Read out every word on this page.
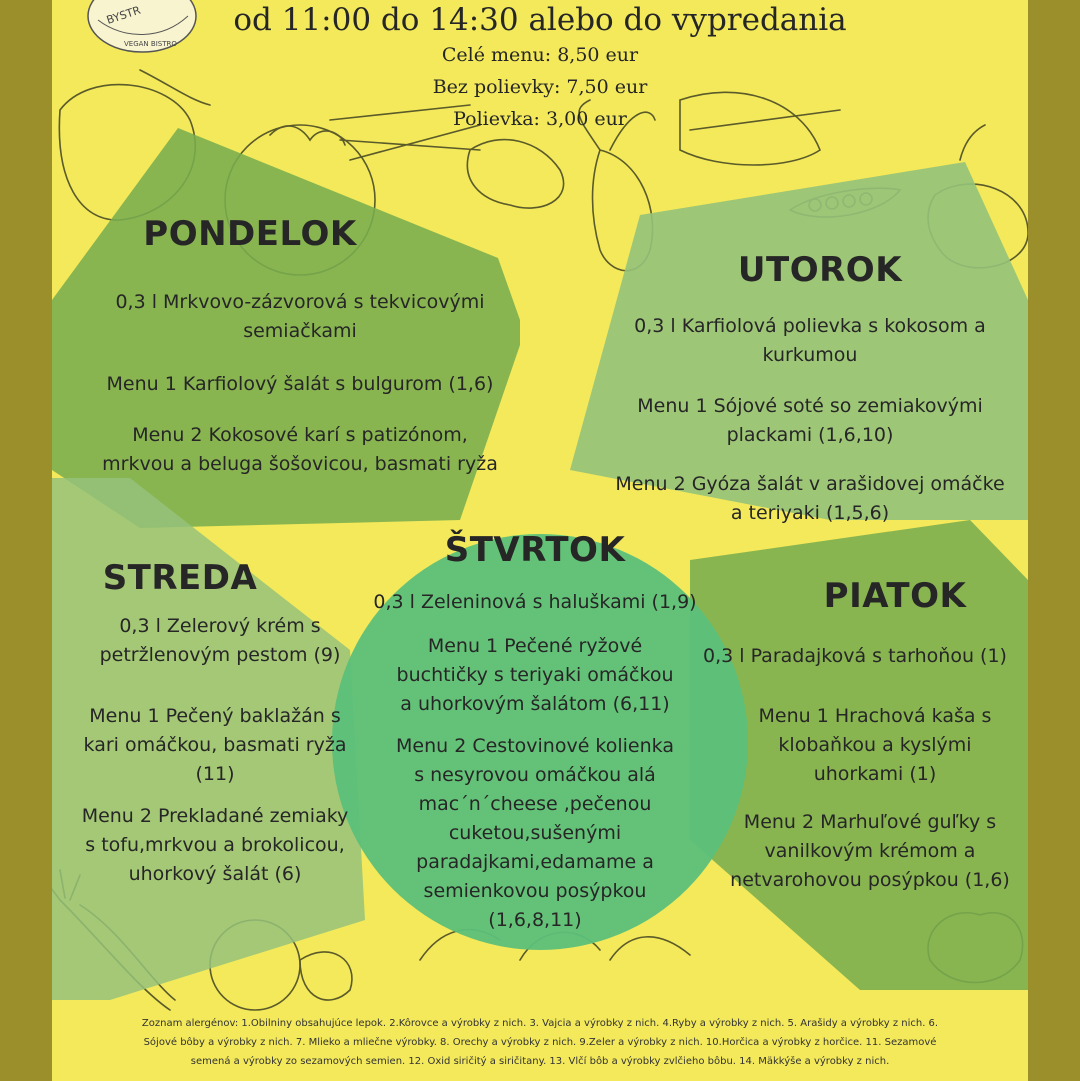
BYSTR
VEGAN BISTRO
od 11:00 do 14:30 alebo do vypredania
Celé menu: 8,50 eur
Bez polievky: 7,50 eur
Polievka: 3,00 eur
PONDELOK
0,3 l Mrkvovo-zázvorová s tekvicovými
semiačkami
Menu 1 Karfiolový šalát s bulgurom (1,6)
Menu 2 Kokosové karí s patizónom,
mrkvou a beluga šošovicou, basmati ryža
UTOROK
0,3 l Karfiolová polievka s kokosom a
kurkumou
Menu 1 Sójové soté so zemiakovými
plackami (1,6,10)
Menu 2 Gyóza šalát v arašidovej omáčke
a teriyaki (1,5,6)
STREDA
0,3 l Zelerový krém s
petržlenovým pestom (9)
Menu 1 Pečený baklažán s
kari omáčkou, basmati ryža
(11)
Menu 2 Prekladané zemiaky
s tofu,mrkvou a brokolicou,
uhorkový šalát (6)
ŠTVRTOK
0,3 l Zeleninová s haluškami (1,9)
Menu 1 Pečené ryžové
buchtičky s teriyaki omáčkou
a uhorkovým šalátom (6,11)
Menu 2 Cestovinové kolienka
s nesyrovou omáčkou alá
mac´n´cheese ,pečenou
cuketou,sušenými
paradajkami,edamame a
semienkovou posýpkou
(1,6,8,11)
PIATOK
0,3 l Paradajková s tarhoňou (1)
Menu 1 Hrachová kaša s
klobaňkou a kyslými
uhorkami (1)
Menu 2 Marhuľové guľky s
vanilkovým krémom a
netvarohovou posýpkou (1,6)
Zoznam alergénov: 1.Obilniny obsahujúce lepok. 2.Kôrovce a výrobky z nich. 3. Vajcia a výrobky z nich. 4.Ryby a výrobky z nich. 5. Arašidy a výrobky z nich. 6.
Sójové bôby a výrobky z nich. 7. Mlieko a mliečne výrobky. 8. Orechy a výrobky z nich. 9.Zeler a výrobky z nich. 10.Horčica a výrobky z horčice. 11. Sezamové
semená a výrobky zo sezamových semien. 12. Oxid siričitý a siričitany. 13. Vlčí bôb a výrobky zvlčieho bôbu. 14. Mäkkýše a výrobky z nich.
